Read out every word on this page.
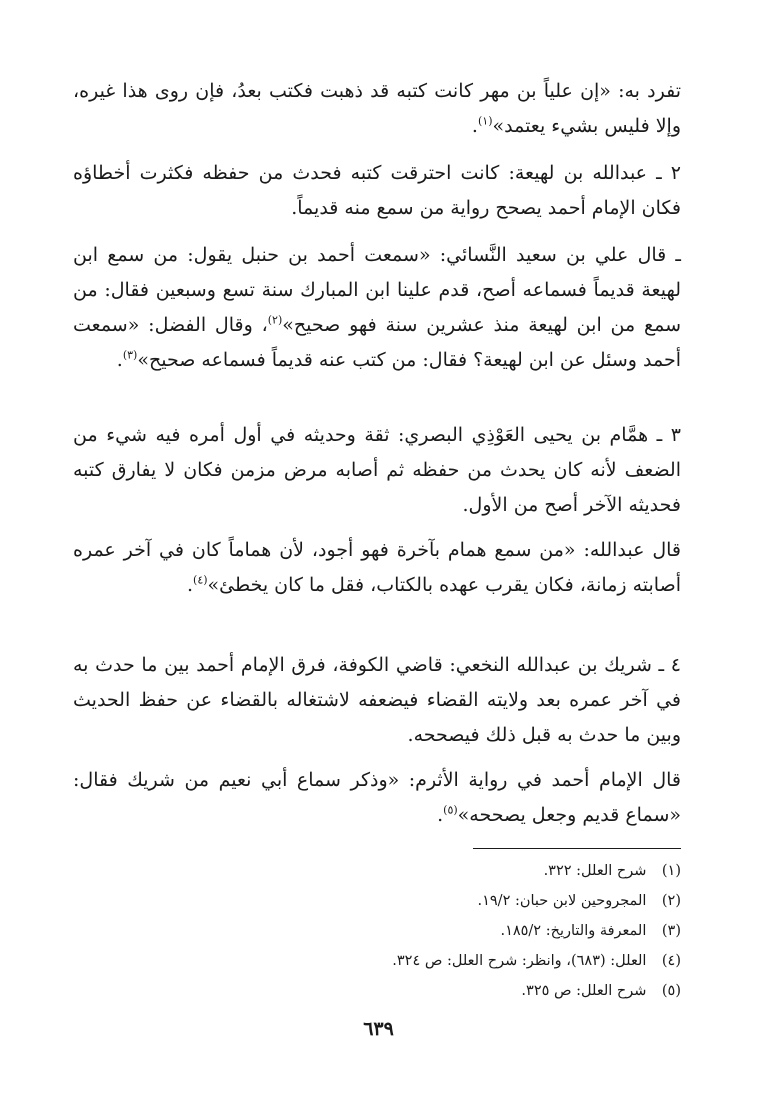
تفرد به: «إن علياً بن مهر كانت كتبه قد ذهبت فكتب بعدُ، فإن روى هذا غيره، وإلا فليس بشيء يعتمد»$^{(١)}$.

٢ ـ عبدالله بن لهيعة: كانت احترقت كتبه فحدث من حفظه فكثرت أخطاؤه فكان الإمام أحمد يصحح رواية من سمع منه قديماً.

ـ قال علي بن سعيد النَّسائي: «سمعت أحمد بن حنبل يقول: من سمع ابن لهيعة قديماً فسماعه أصح، قدم علينا ابن المبارك سنة تسع وسبعين فقال: من سمع من ابن لهيعة منذ عشرين سنة فهو صحيح»$^{(٢)}$، وقال الفضل: «سمعت أحمد وسئل عن ابن لهيعة؟ فقال: من كتب عنه قديماً فسماعه صحيح»$^{(٣)}$.

٣ ـ همَّام بن يحيى العَوْذِي البصري: ثقة وحديثه في أول أمره فيه شيء من الضعف لأنه كان يحدث من حفظه ثم أصابه مرض مزمن فكان لا يفارق كتبه فحديثه الآخر أصح من الأول.

قال عبدالله: «من سمع همام بآخرة فهو أجود، لأن هماماً كان في آخر عمره أصابته زمانة، فكان يقرب عهده بالكتاب، فقل ما كان يخطئ»$^{(٤)}$.

٤ ـ شريك بن عبدالله النخعي: قاضي الكوفة، فرق الإمام أحمد بين ما حدث به في آخر عمره بعد ولايته القضاء فيضعفه لاشتغاله بالقضاء عن حفظ الحديث وبين ما حدث به قبل ذلك فيصححه.

قال الإمام أحمد في رواية الأثرم: «وذكر سماع أبي نعيم من شريك فقال: «سماع قديم وجعل يصححه»$^{(٥)}$.

(١) شرح العلل: ٣٢٢.
(٢) المجروحين لابن حبان: ١٩/٢.
(٣) المعرفة والتاريخ: ١٨٥/٢.
(٤) العلل: (٦٨٣)، وانظر: شرح العلل: ص ٣٢٤.
(٥) شرح العلل: ص ٣٢٥.
٦٣٩
